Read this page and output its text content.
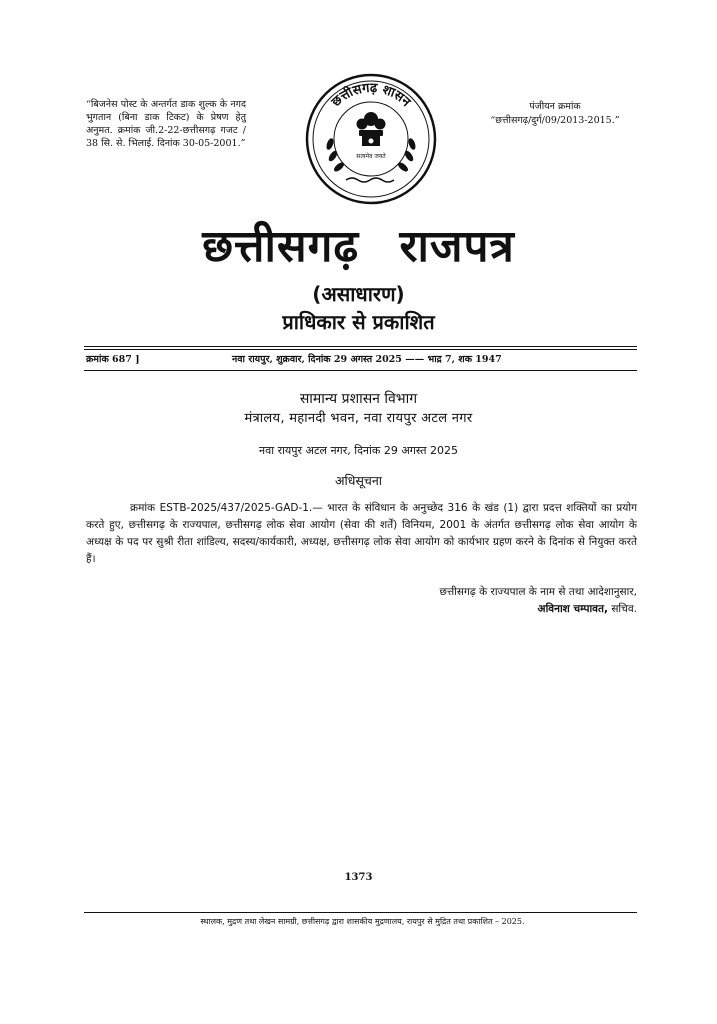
“बिजनेस पोस्ट के अन्तर्गत डाक शुल्क के नगद भुगतान (बिना डाक टिकट) के प्रेषण हेतु अनुमत. क्रमांक जी.2-22-छत्तीसगढ़ गजट / 38 सि. से. भिलाई. दिनांक 30-05-2001.”
पंजीयन क्रमांक
“छत्तीसगढ़/दुर्ग/09/2013-2015.”
छत्तीसगढ़ शासन
सत्यमेव जयते
छत्तीसगढ़ राजपत्र
(असाधारण)
प्राधिकार से प्रकाशित
क्रमांक 687 ]	नवा रायपुर, शुक्रवार, दिनांक 29 अगस्त 2025 —— भाद्र 7, शक 1947
सामान्य प्रशासन विभाग
मंत्रालय, महानदी भवन, नवा रायपुर अटल नगर
नवा रायपुर अटल नगर, दिनांक 29 अगस्त 2025
अधिसूचना
क्रमांक ESTB-2025/437/2025-GAD-1.— भारत के संविधान के अनुच्छेद 316 के खंड (1) द्वारा प्रदत्त शक्तियों का प्रयोग करते हुए, छत्तीसगढ़ के राज्यपाल, छत्तीसगढ़ लोक सेवा आयोग (सेवा की शर्तें) विनियम, 2001 के अंतर्गत छत्तीसगढ़ लोक सेवा आयोग के अध्यक्ष के पद पर सुश्री रीता शांडिल्य, सदस्य/कार्यकारी, अध्यक्ष, छत्तीसगढ़ लोक सेवा आयोग को कार्यभार ग्रहण करने के दिनांक से नियुक्त करते हैं।
छत्तीसगढ़ के राज्यपाल के नाम से तथा आदेशानुसार,
अविनाश चम्पावत, सचिव.
1373
स्थालक, मुद्रण तथा लेखन सामग्री, छत्तीसगढ़ द्वारा शासकीय मुद्रणालय, रायपुर से मुद्रित तथा प्रकाशित – 2025.
